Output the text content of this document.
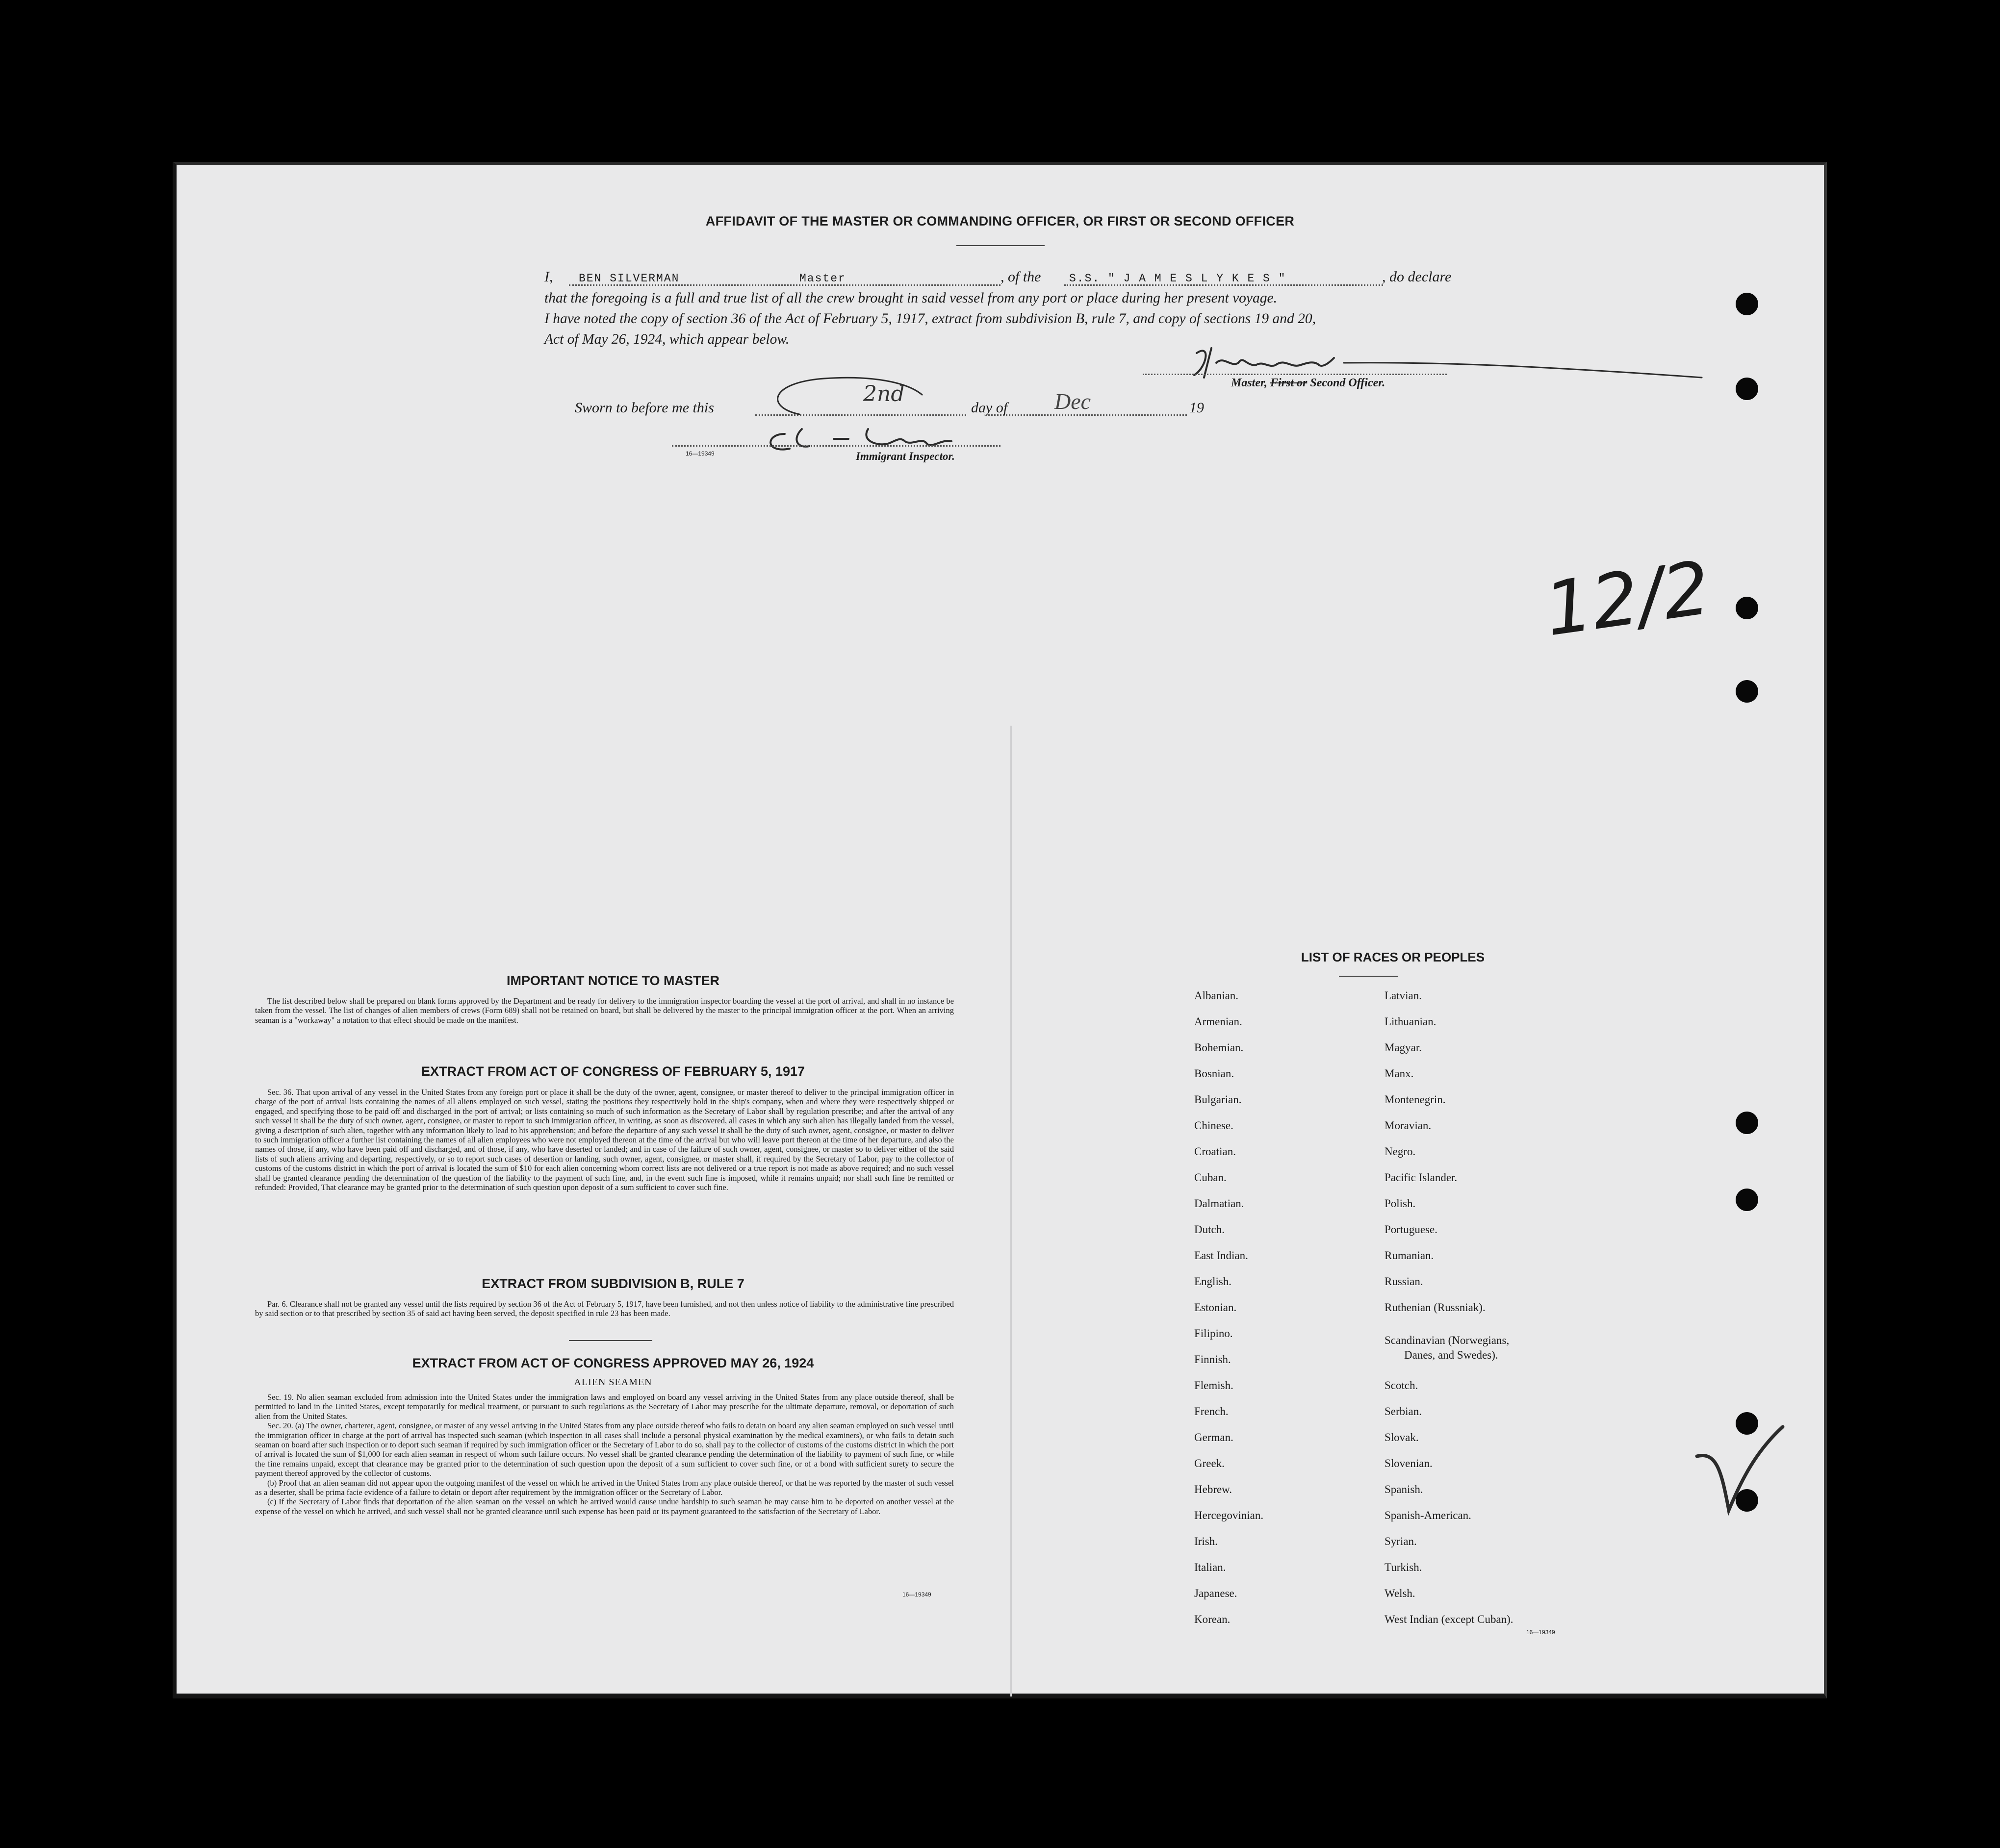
AFFIDAVIT OF THE MASTER OR COMMANDING OFFICER, OR FIRST OR SECOND OFFICER
I, BEN SILVERMAN	Master	, of the	S.S. " J A M E S L Y K E S "	, do declare
that the foregoing is a full and true list of all the crew brought in said vessel from any port or place during her present voyage.
I have noted the copy of section 36 of the Act of February 5, 1917, extract from subdivision B, rule 7, and copy of sections 19 and 20,
Act of May 26, 1924, which appear below.
Master, First or Second Officer.
Sworn to before me this
2nd
day of Dec	19
16—19349	Immigrant Inspector.
12/2
IMPORTANT NOTICE TO MASTER

The list described below shall be prepared on blank forms approved by the Department and be ready for delivery to the immigration inspector boarding the vessel at the port of arrival, and shall in no instance be taken from the vessel. The list of changes of alien members of crews (Form 689) shall not be retained on board, but shall be delivered by the master to the principal immigration officer at the port. When an arriving seaman is a "workaway" a notation to that effect should be made on the manifest.

EXTRACT FROM ACT OF CONGRESS OF FEBRUARY 5, 1917

Sec. 36. That upon arrival of any vessel in the United States from any foreign port or place it shall be the duty of the owner, agent, consignee, or master thereof to deliver to the principal immigration officer in charge of the port of arrival lists containing the names of all aliens employed on such vessel, stating the positions they respectively hold in the ship's company, when and where they were respectively shipped or engaged, and specifying those to be paid off and discharged in the port of arrival; or lists containing so much of such information as the Secretary of Labor shall by regulation prescribe; and after the arrival of any such vessel it shall be the duty of such owner, agent, consignee, or master to report to such immigration officer, in writing, as soon as discovered, all cases in which any such alien has illegally landed from the vessel, giving a description of such alien, together with any information likely to lead to his apprehension; and before the departure of any such vessel it shall be the duty of such owner, agent, consignee, or master to deliver to such immigration officer a further list containing the names of all alien employees who were not employed thereon at the time of the arrival but who will leave port thereon at the time of her departure, and also the names of those, if any, who have been paid off and discharged, and of those, if any, who have deserted or landed; and in case of the failure of such owner, agent, consignee, or master so to deliver either of the said lists of such aliens arriving and departing, respectively, or so to report such cases of desertion or landing, such owner, agent, consignee, or master shall, if required by the Secretary of Labor, pay to the collector of customs of the customs district in which the port of arrival is located the sum of $10 for each alien concerning whom correct lists are not delivered or a true report is not made as above required; and no such vessel shall be granted clearance pending the determination of the question of the liability to the payment of such fine, and, in the event such fine is imposed, while it remains unpaid; nor shall such fine be remitted or refunded: Provided, That clearance may be granted prior to the determination of such question upon deposit of a sum sufficient to cover such fine.

EXTRACT FROM SUBDIVISION B, RULE 7

Par. 6. Clearance shall not be granted any vessel until the lists required by section 36 of the Act of February 5, 1917, have been furnished, and not then unless notice of liability to the administrative fine prescribed by said section or to that prescribed by section 35 of said act having been served, the deposit specified in rule 23 has been made.

EXTRACT FROM ACT OF CONGRESS APPROVED MAY 26, 1924
ALIEN SEAMEN

Sec. 19. No alien seaman excluded from admission into the United States under the immigration laws and employed on board any vessel arriving in the United States from any place outside thereof, shall be permitted to land in the United States, except temporarily for medical treatment, or pursuant to such regulations as the Secretary of Labor may prescribe for the ultimate departure, removal, or deportation of such alien from the United States.

Sec. 20. (a) The owner, charterer, agent, consignee, or master of any vessel arriving in the United States from any place outside thereof who fails to detain on board any alien seaman employed on such vessel until the immigration officer in charge at the port of arrival has inspected such seaman (which inspection in all cases shall include a personal physical examination by the medical examiners), or who fails to detain such seaman on board after such inspection or to deport such seaman if required by such immigration officer or the Secretary of Labor to do so, shall pay to the collector of customs of the customs district in which the port of arrival is located the sum of $1,000 for each alien seaman in respect of whom such failure occurs. No vessel shall be granted clearance pending the determination of the liability to payment of such fine, or while the fine remains unpaid, except that clearance may be granted prior to the determination of such question upon the deposit of a sum sufficient to cover such fine, or of a bond with sufficient surety to secure the payment thereof approved by the collector of customs.

(b) Proof that an alien seaman did not appear upon the outgoing manifest of the vessel on which he arrived in the United States from any place outside thereof, or that he was reported by the master of such vessel as a deserter, shall be prima facie evidence of a failure to detain or deport after requirement by the immigration officer or the Secretary of Labor.

(c) If the Secretary of Labor finds that deportation of the alien seaman on the vessel on which he arrived would cause undue hardship to such seaman he may cause him to be deported on another vessel at the expense of the vessel on which he arrived, and such vessel shall not be granted clearance until such expense has been paid or its payment guaranteed to the satisfaction of the Secretary of Labor.

16—19349
LIST OF RACES OR PEOPLES
Albanian.
Armenian.
Bohemian.
Bosnian.
Bulgarian.
Chinese.
Croatian.
Cuban.
Dalmatian.
Dutch.
East Indian.
English.
Estonian.
Filipino.
Finnish.
Flemish.
French.
German.
Greek.
Hebrew.
Hercegovinian.
Irish.
Italian.
Japanese.
Korean.
Latvian.
Lithuanian.
Magyar.
Manx.
Montenegrin.
Moravian.
Negro.
Pacific Islander.
Polish.
Portuguese.
Rumanian.
Russian.
Ruthenian (Russniak).
Scandinavian (Norwegians,
Danes, and Swedes).
Scotch.
Serbian.
Slovak.
Slovenian.
Spanish.
Spanish-American.
Syrian.
Turkish.
Welsh.
West Indian (except Cuban).
16—19349
